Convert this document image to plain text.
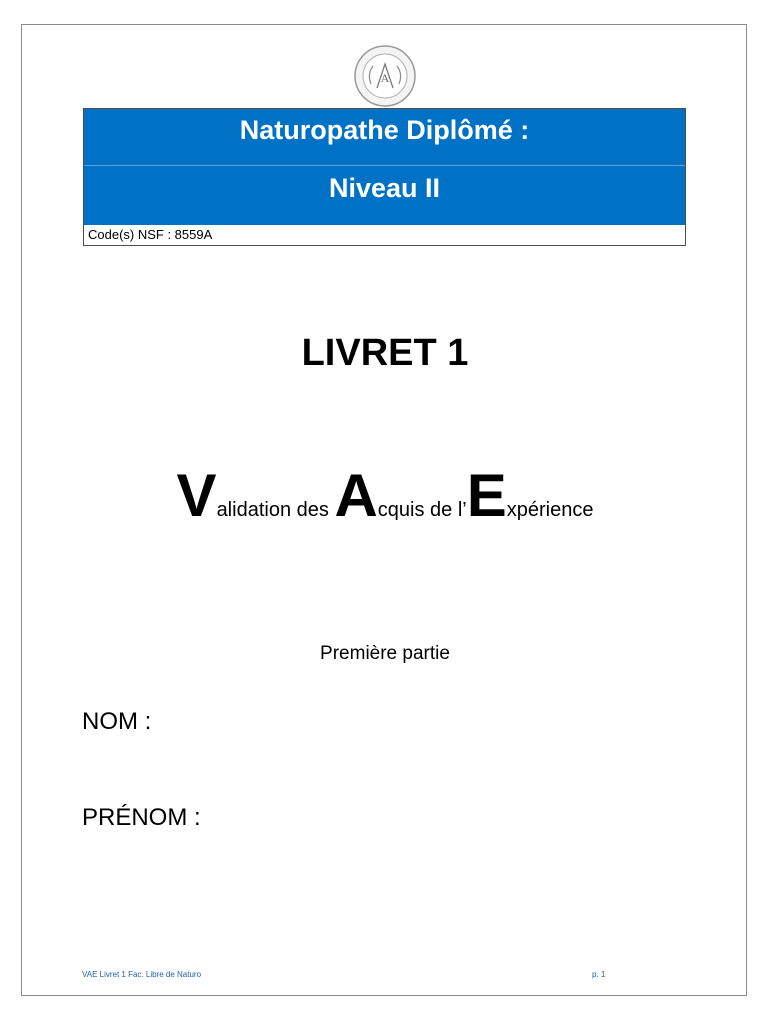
A
Naturopathe Diplômé :
Niveau II
Code(s) NSF : 8559A
LIVRET 1
Validation des Acquis de l’Expérience
Première partie
NOM :
PRÉNOM :
VAE Livret 1 Fac. Libre de Naturo	p. 1
